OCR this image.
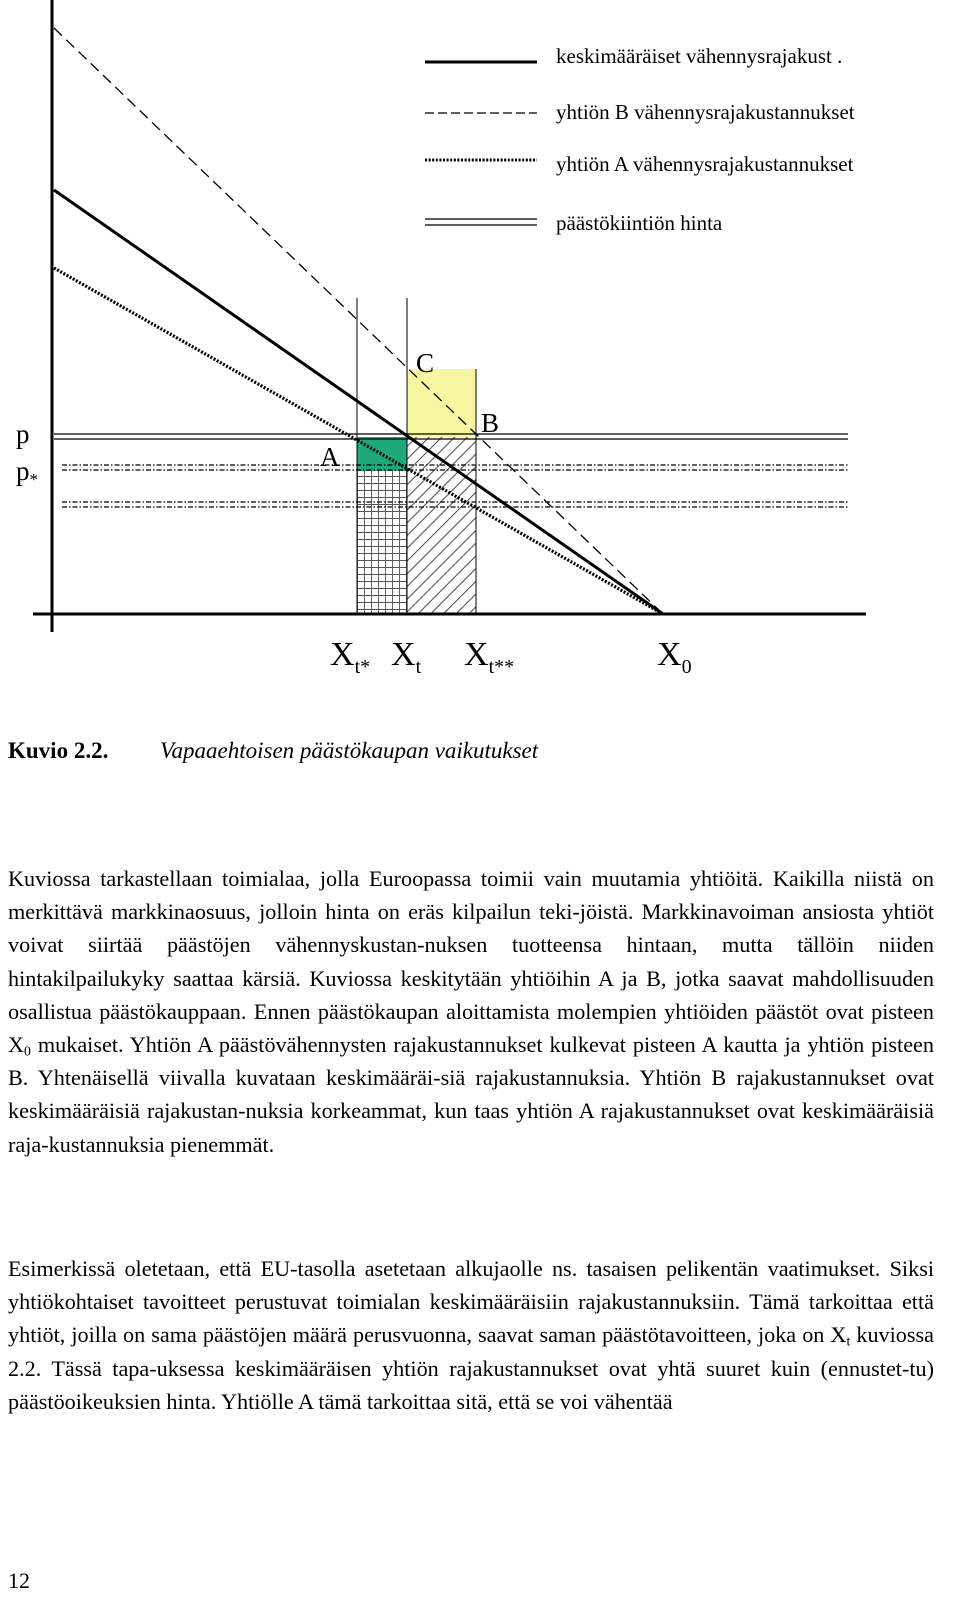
keskimääräiset vähennysrajakust .
yhtiön B vähennysrajakustannukset
yhtiön A vähennysrajakustannukset
päästökiintiön hinta
p
p*
A
B
C
$X_{t*}$ $X_t$ $X_{t**}$	$X_0$
Kuvio 2.2. Vapaaehtoisen päästökaupan vaikutukset

Kuviossa tarkastellaan toimialaa, jolla Euroopassa toimii vain muutamia yhtiöitä. Kaikilla niistä on merkittävä markkinaosuus, jolloin hinta on eräs kilpailun teki-jöistä. Markkinavoiman ansiosta yhtiöt voivat siirtää päästöjen vähennyskustan-nuksen tuotteensa hintaan, mutta tällöin niiden hintakilpailukyky saattaa kärsiä. Kuviossa keskitytään yhtiöihin A ja B, jotka saavat mahdollisuuden osallistua päästökauppaan. Ennen päästökaupan aloittamista molempien yhtiöiden päästöt ovat pisteen $X_0$ mukaiset. Yhtiön A päästövähennysten rajakustannukset kulkevat pisteen A kautta ja yhtiön pisteen B. Yhtenäisellä viivalla kuvataan keskimääräi-siä rajakustannuksia. Yhtiön B rajakustannukset ovat keskimääräisiä rajakustan-nuksia korkeammat, kun taas yhtiön A rajakustannukset ovat keskimääräisiä raja-kustannuksia pienemmät.

Esimerkissä oletetaan, että EU-tasolla asetetaan alkujaolle ns. tasaisen pelikentän vaatimukset. Siksi yhtiökohtaiset tavoitteet perustuvat toimialan keskimääräisiin rajakustannuksiin. Tämä tarkoittaa että yhtiöt, joilla on sama päästöjen määrä perusvuonna, saavat saman päästötavoitteen, joka on $X_t$ kuviossa 2.2. Tässä tapa-uksessa keskimääräisen yhtiön rajakustannukset ovat yhtä suuret kuin (ennustet-tu) päästöoikeuksien hinta. Yhtiölle A tämä tarkoittaa sitä, että se voi vähentää

12
